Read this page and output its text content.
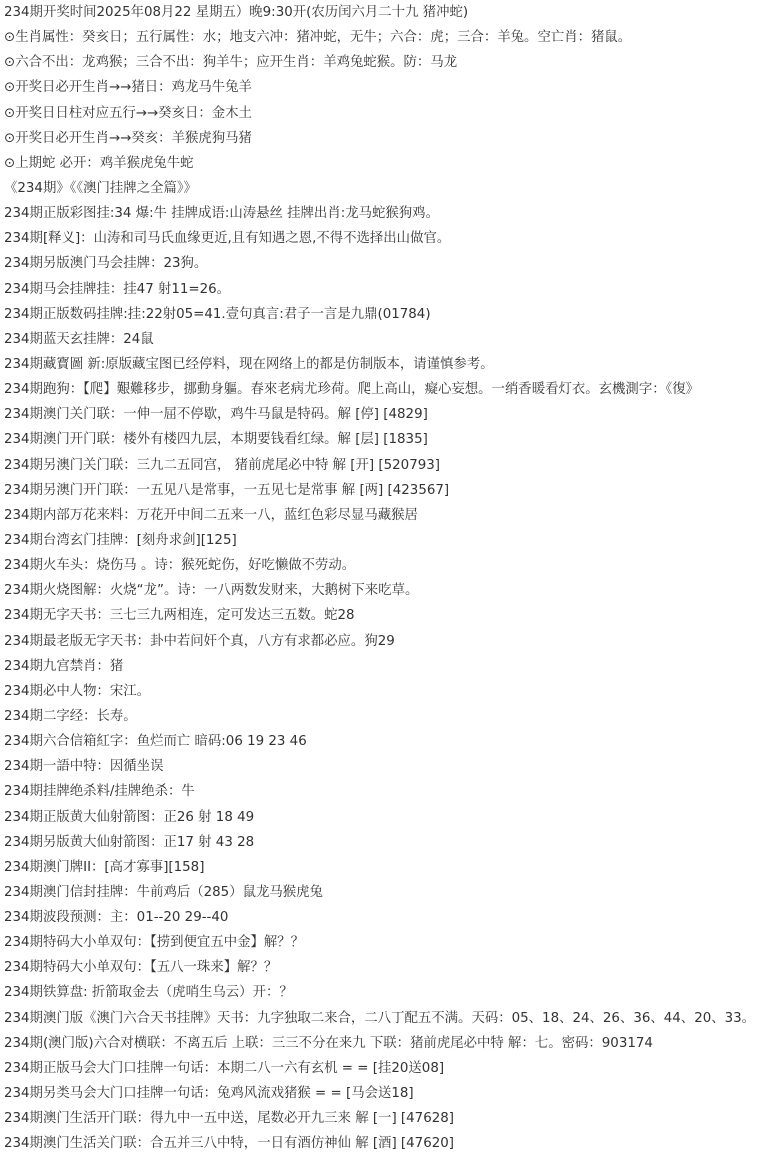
234期开奖时间2025年08月22 星期五）晚9:30开(农历闰六月二十九 猪冲蛇)
⊙生肖属性：癸亥日；五行属性：水；地支六冲：猪冲蛇，无牛；六合：虎；三合：羊兔。空亡肖：猪鼠。
⊙六合不出：龙鸡猴；三合不出：狗羊牛；应开生肖：羊鸡兔蛇猴。防：马龙
⊙开奖日必开生肖→→猪日：鸡龙马牛兔羊
⊙开奖日日柱对应五行→→癸亥日：金木土
⊙开奖日必开生肖→→癸亥：羊猴虎狗马猪
⊙上期蛇 必开：鸡羊猴虎兔牛蛇
《234期》《《澳门挂牌之全篇》》
234期正版彩图挂:34 爆:牛 挂牌成语:山涛悬丝 挂牌出肖:龙马蛇猴狗鸡。
234期[释义]：山涛和司马氏血缘更近,且有知遇之恩,不得不选择出山做官。
234期另版澳门马会挂牌：23狗。
234期马会挂牌挂：挂47 射11=26。
234期正版数码挂牌:挂:22射05=41.壹句真言:君子一言是九鼎(01784)
234期蓝天玄挂牌：24鼠
234期藏寳圖 新:原版藏宝图已经停料，现在网络上的都是仿制版本，请谨慎参考。
234期跑狗：【爬】艱難移步，挪動身軀。春來老病尤珍荷。爬上高山，癡心妄想。一绡香暖看灯衣。玄機測字：《復》
234期澳门关门联：一伸一屈不停歇，鸡牛马鼠是特码。解 [停] [4829]
234期澳门开门联：楼外有楼四九层，本期要钱看红绿。解 [层] [1835]
234期另澳门关门联：三九二五同宫， 猪前虎尾必中特 解 [开] [520793]
234期另澳门开门联：一五见八是常事，一五见七是常事 解 [两] [423567]
234期内部万花来料：万花开中间二五来一八，蓝红色彩尽显马藏猴居
234期台湾玄门挂牌：[刻舟求剑][125]
234期火车头：烧伤马 。诗：猴死蛇伤，好吃懒做不劳动。
234期火烧图解：火烧“龙”。诗：一八两数发财来，大鹅树下来吃草。
234期无字天书：三七三九两相连，定可发达三五数。蛇28
234期最老版无字天书：卦中若问奸个真，八方有求都必应。狗29
234期九宫禁肖：猪
234期必中人物：宋江。
234期二字经：长寿。
234期六合信箱紅字：鱼烂而亡 暗码:06 19 23 46
234期一語中特：因循坐误
234期挂牌绝杀料/挂牌绝杀：牛
234期正版黄大仙射箭图：正26 射 18 49
234期另版黄大仙射箭图：正17 射 43 28
234期澳门牌II：[高才寡事][158]
234期澳门信封挂牌：牛前鸡后（285）鼠龙马猴虎兔
234期波段预测：主：01--20 29--40
234期特码大小单双句：【捞到便宜五中金】解？？
234期特码大小单双句：【五八一珠来】解？？
234期铁算盘: 折箭取金去（虎哨生乌云）开：？
234期澳门版《澳门六合天书挂牌》天书：九字独取二来合，二八丁配五不满。天码：05、18、24、26、36、44、20、33。
234期(澳门版)六合对横联：不离五后 上联：三三不分在来九 下联：猪前虎尾必中特 解：七。密码：903174
234期正版马会大门口挂牌一句话：本期二八一六有玄机 = = [挂20送08]
234期另类马会大门口挂牌一句话：兔鸡风流戏猪猴 = = [马会送18]
234期澳门生活开门联：得九中一五中送，尾数必开九三来 解 [一] [47628]
234期澳门生活关门联：合五并三八中特，一日有酒仿神仙 解 [酒] [47620]
